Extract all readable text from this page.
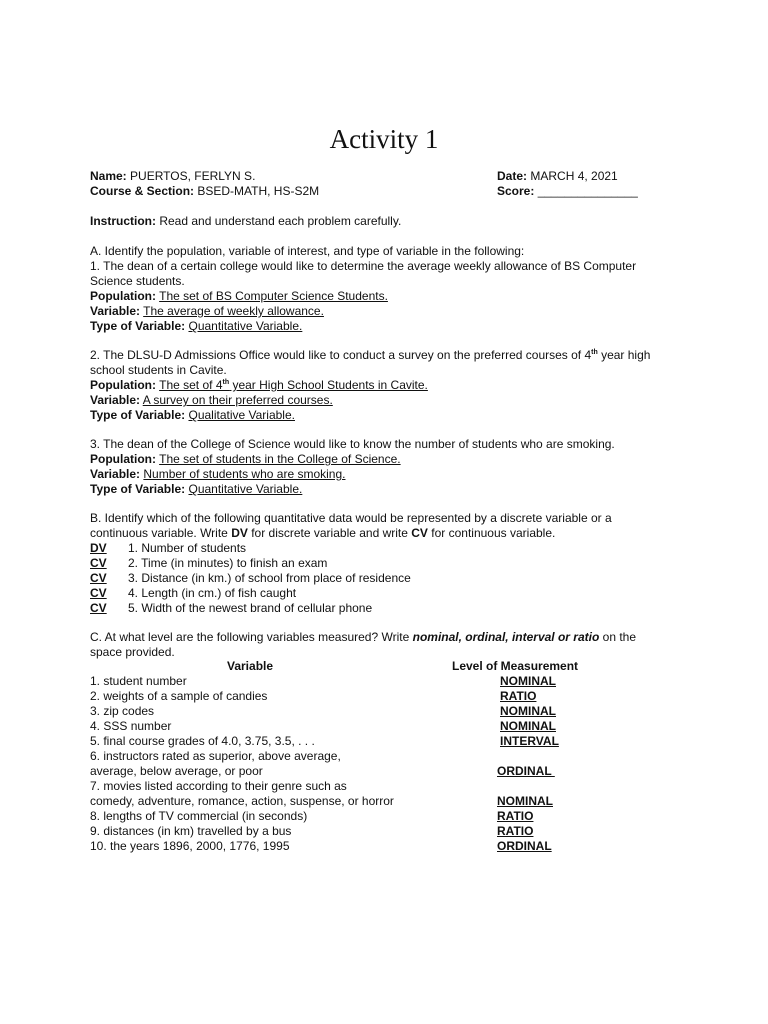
Activity 1
Name: PUERTOS, FERLYN S.	Date: MARCH 4, 2021
Course & Section: BSED-MATH, HS-S2M	Score: _______________
Instruction: Read and understand each problem carefully.
A. Identify the population, variable of interest, and type of variable in the following:
1. The dean of a certain college would like to determine the average weekly allowance of BS Computer
Science students.
Population: The set of BS Computer Science Students.
Variable: The average of weekly allowance.
Type of Variable: Quantitative Variable.
2. The DLSU-D Admissions Office would like to conduct a survey on the preferred courses of 4th year high
school students in Cavite.
Population: The set of 4th year High School Students in Cavite.
Variable: A survey on their preferred courses.
Type of Variable: Qualitative Variable.
3. The dean of the College of Science would like to know the number of students who are smoking.
Population: The set of students in the College of Science.
Variable: Number of students who are smoking.
Type of Variable: Quantitative Variable.
B. Identify which of the following quantitative data would be represented by a discrete variable or a
continuous variable. Write DV for discrete variable and write CV for continuous variable.
DV 1. Number of students
CV 2. Time (in minutes) to finish an exam
CV 3. Distance (in km.) of school from place of residence
CV 4. Length (in cm.) of fish caught
CV 5. Width of the newest brand of cellular phone
C. At what level are the following variables measured? Write nominal, ordinal, interval or ratio on the
space provided.
Variable	Level of Measurement
1. student number	NOMINAL
2. weights of a sample of candies	RATIO
3. zip codes	NOMINAL
4. SSS number	NOMINAL
5. final course grades of 4.0, 3.75, 3.5, . . .	INTERVAL
6. instructors rated as superior, above average,
average, below average, or poor	ORDINAL
7. movies listed according to their genre such as
comedy, adventure, romance, action, suspense, or horror	NOMINAL
8. lengths of TV commercial (in seconds)	RATIO
9. distances (in km) travelled by a bus	RATIO
10. the years 1896, 2000, 1776, 1995	ORDINAL
